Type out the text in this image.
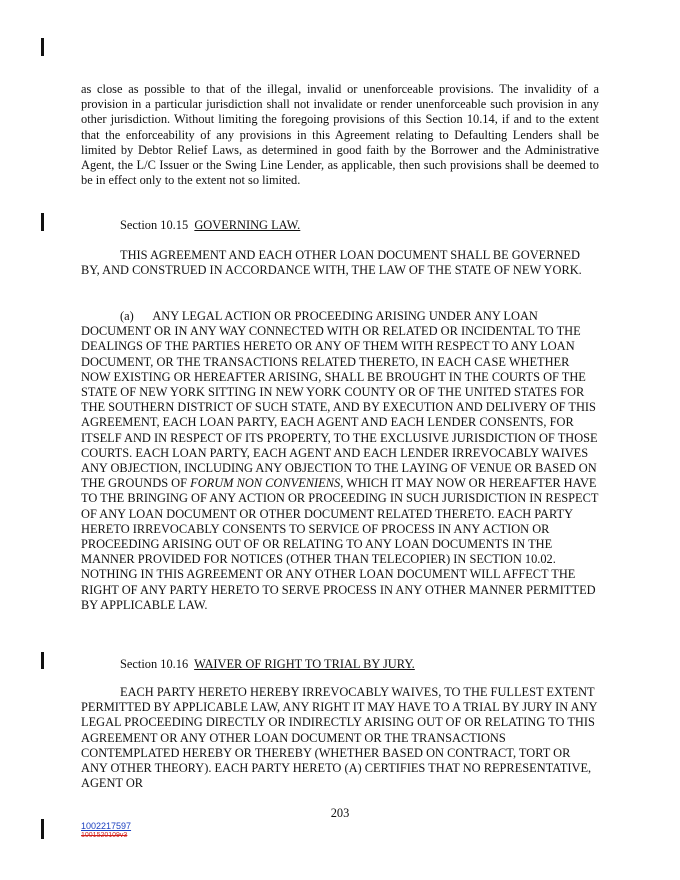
as close as possible to that of the illegal, invalid or unenforceable provisions. The invalidity of a provision in a particular jurisdiction shall not invalidate or render unenforceable such provision in any other jurisdiction. Without limiting the foregoing provisions of this Section 10.14, if and to the extent that the enforceability of any provisions in this Agreement relating to Defaulting Lenders shall be limited by Debtor Relief Laws, as determined in good faith by the Borrower and the Administrative Agent, the L/C Issuer or the Swing Line Lender, as applicable, then such provisions shall be deemed to be in effect only to the extent not so limited.

Section 10.15 GOVERNING LAW.

THIS AGREEMENT AND EACH OTHER LOAN DOCUMENT SHALL BE GOVERNED BY, AND CONSTRUED IN ACCORDANCE WITH, THE LAW OF THE STATE OF NEW YORK.

(a) ANY LEGAL ACTION OR PROCEEDING ARISING UNDER ANY LOAN DOCUMENT OR IN ANY WAY CONNECTED WITH OR RELATED OR INCIDENTAL TO THE DEALINGS OF THE PARTIES HERETO OR ANY OF THEM WITH RESPECT TO ANY LOAN DOCUMENT, OR THE TRANSACTIONS RELATED THERETO, IN EACH CASE WHETHER NOW EXISTING OR HEREAFTER ARISING, SHALL BE BROUGHT IN THE COURTS OF THE STATE OF NEW YORK SITTING IN NEW YORK COUNTY OR OF THE UNITED STATES FOR THE SOUTHERN DISTRICT OF SUCH STATE, AND BY EXECUTION AND DELIVERY OF THIS AGREEMENT, EACH LOAN PARTY, EACH AGENT AND EACH LENDER CONSENTS, FOR ITSELF AND IN RESPECT OF ITS PROPERTY, TO THE EXCLUSIVE JURISDICTION OF THOSE COURTS. EACH LOAN PARTY, EACH AGENT AND EACH LENDER IRREVOCABLY WAIVES ANY OBJECTION, INCLUDING ANY OBJECTION TO THE LAYING OF VENUE OR BASED ON THE GROUNDS OF FORUM NON CONVENIENS, WHICH IT MAY NOW OR HEREAFTER HAVE TO THE BRINGING OF ANY ACTION OR PROCEEDING IN SUCH JURISDICTION IN RESPECT OF ANY LOAN DOCUMENT OR OTHER DOCUMENT RELATED THERETO. EACH PARTY HERETO IRREVOCABLY CONSENTS TO SERVICE OF PROCESS IN ANY ACTION OR PROCEEDING ARISING OUT OF OR RELATING TO ANY LOAN DOCUMENTS IN THE MANNER PROVIDED FOR NOTICES (OTHER THAN TELECOPIER) IN SECTION 10.02. NOTHING IN THIS AGREEMENT OR ANY OTHER LOAN DOCUMENT WILL AFFECT THE RIGHT OF ANY PARTY HERETO TO SERVE PROCESS IN ANY OTHER MANNER PERMITTED BY APPLICABLE LAW.

Section 10.16 WAIVER OF RIGHT TO TRIAL BY JURY.

EACH PARTY HERETO HEREBY IRREVOCABLY WAIVES, TO THE FULLEST EXTENT PERMITTED BY APPLICABLE LAW, ANY RIGHT IT MAY HAVE TO A TRIAL BY JURY IN ANY LEGAL PROCEEDING DIRECTLY OR INDIRECTLY ARISING OUT OF OR RELATING TO THIS AGREEMENT OR ANY OTHER LOAN DOCUMENT OR THE TRANSACTIONS CONTEMPLATED HEREBY OR THEREBY (WHETHER BASED ON CONTRACT, TORT OR ANY OTHER THEORY). EACH PARTY HERETO (A) CERTIFIES THAT NO REPRESENTATIVE, AGENT OR

203
1002217597
1001520109v3
